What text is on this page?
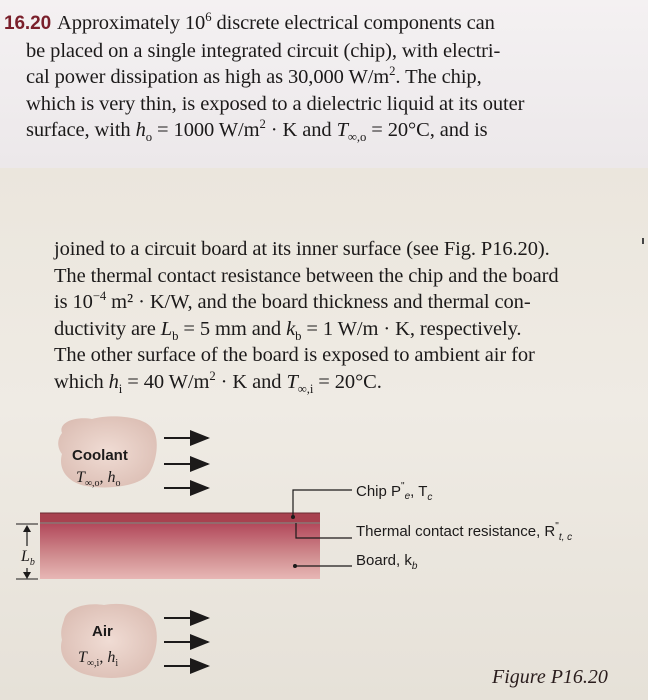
16.20 Approximately $10^6$ discrete electrical components can
be placed on a single integrated circuit (chip), with electri-
cal power dissipation as high as 30,000 $W/m^2$. The chip,
which is very thin, is exposed to a dielectric liquid at its outer
surface, with $h_o = 1000$ $W/m^2 \cdot K$ and $T_{\infty,o} = 20^\circ C$, and is
joined to a circuit board at its inner surface (see Fig. P16.20).
The thermal contact resistance between the chip and the board
is $10^{-4}$ m² · K/W, and the board thickness and thermal con-
ductivity are $L_b = 5$ mm and $k_b = 1$ W/m · K, respectively.
The other surface of the board is exposed to ambient air for
which $h_i = 40$ $W/m^2 \cdot K$ and $T_{\infty,i} = 20^\circ C$.
Coolant
$T_{\infty,o}$, $h_o$
$L_b$
Chip $P^"_e$, $T_c$
Thermal contact resistance, $R^"_{t, c}$
Board, $k_b$
Air
$T_{\infty,i}$, $h_i$
Figure P16.20
